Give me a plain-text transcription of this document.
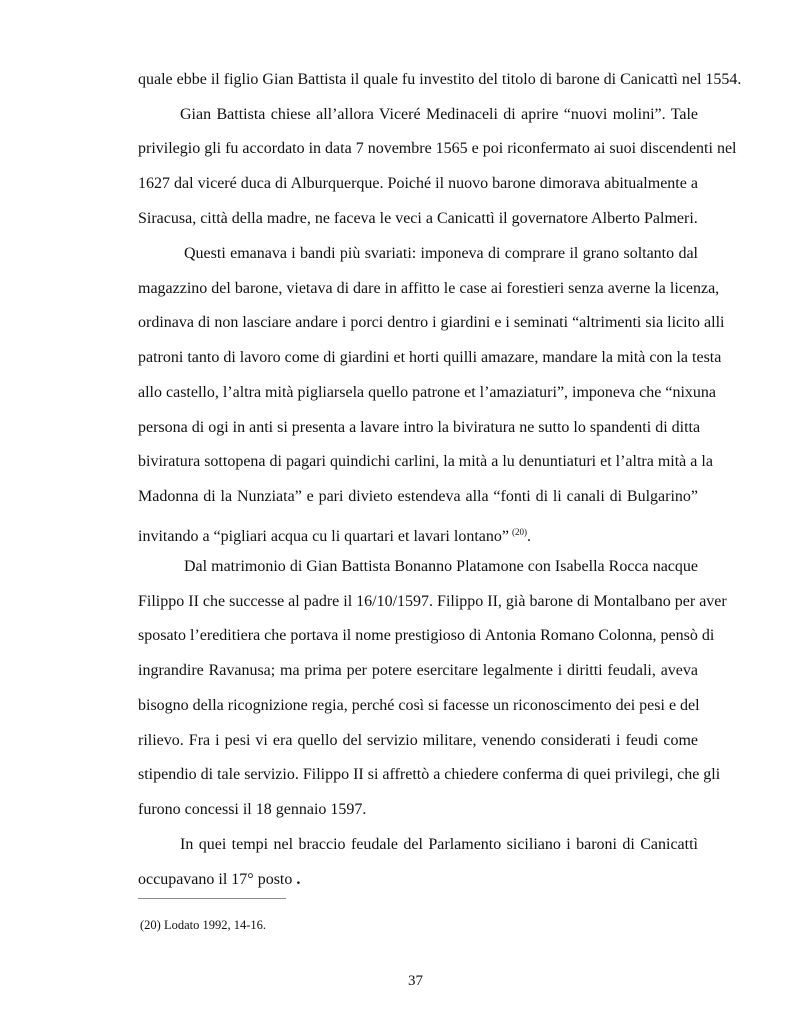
quale ebbe il figlio Gian Battista il quale fu investito del titolo di barone di Canicattì nel 1554.
Gian Battista chiese all’allora Viceré Medinaceli di aprire “nuovi molini”. Tale
privilegio gli fu accordato in data 7 novembre 1565 e poi riconfermato ai suoi discendenti nel
1627 dal viceré duca di Alburquerque. Poiché il nuovo barone dimorava abitualmente a
Siracusa, città della madre, ne faceva le veci a Canicattì il governatore Alberto Palmeri.
Questi emanava i bandi più svariati: imponeva di comprare il grano soltanto dal
magazzino del barone, vietava di dare in affitto le case ai forestieri senza averne la licenza,
ordinava di non lasciare andare i porci dentro i giardini e i seminati “altrimenti sia licito alli
patroni tanto di lavoro come di giardini et horti quilli amazare, mandare la mità con la testa
allo castello, l’altra mità pigliarsela quello patrone et l’amaziaturi”, imponeva che “nixuna
persona di ogi in anti si presenta a lavare intro la biviratura ne sutto lo spandenti di ditta
biviratura sottopena di pagari quindichi carlini, la mità a lu denuntiaturi et l’altra mità a la
Madonna di la Nunziata” e pari divieto estendeva alla “fonti di li canali di Bulgarino”
invitando a “pigliari acqua cu li quartari et lavari lontano” $^{(20)}$.
Dal matrimonio di Gian Battista Bonanno Platamone con Isabella Rocca nacque
Filippo II che successe al padre il 16/10/1597. Filippo II, già barone di Montalbano per aver
sposato l’ereditiera che portava il nome prestigioso di Antonia Romano Colonna, pensò di
ingrandire Ravanusa; ma prima per potere esercitare legalmente i diritti feudali, aveva
bisogno della ricognizione regia, perché così si facesse un riconoscimento dei pesi e del
rilievo. Fra i pesi vi era quello del servizio militare, venendo considerati i feudi come
stipendio di tale servizio. Filippo II si affrettò a chiedere conferma di quei privilegi, che gli
furono concessi il 18 gennaio 1597.
In quei tempi nel braccio feudale del Parlamento siciliano i baroni di Canicattì
occupavano il 17° posto .
(20) Lodato 1992, 14-16.
37
